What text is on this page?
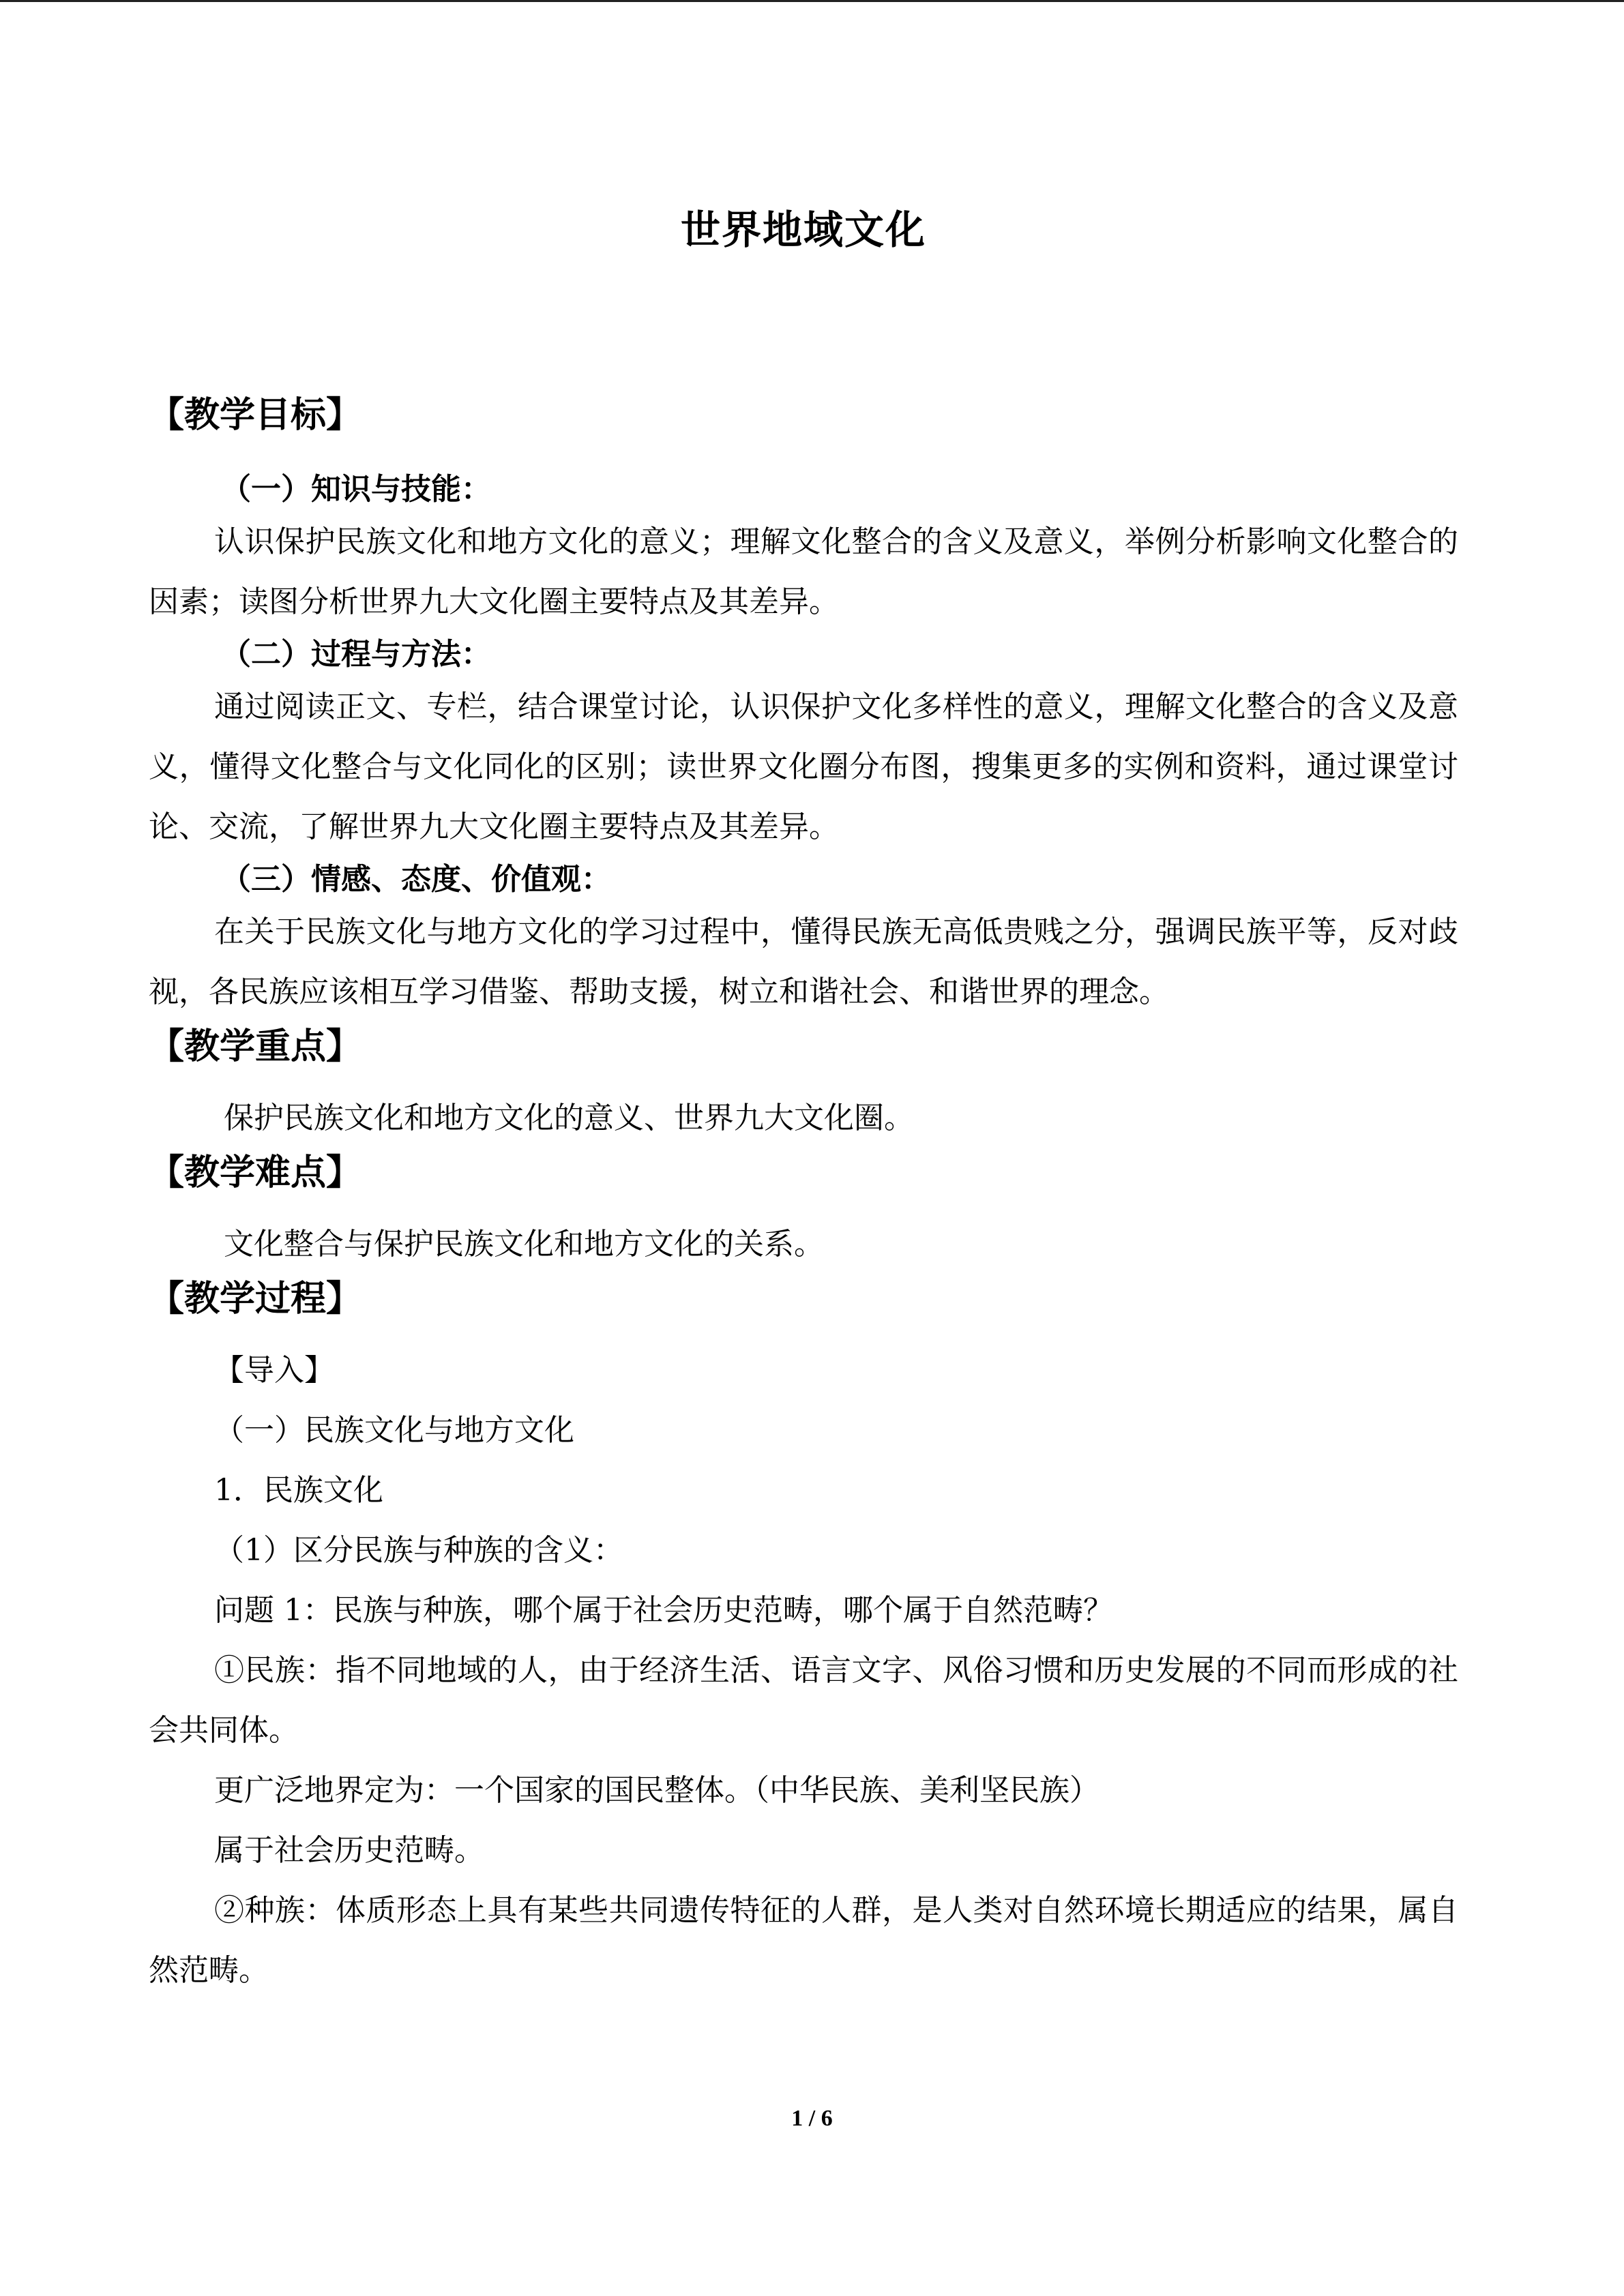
世界地域文化
【教学目标】
（一）知识与技能：

认识保护民族文化和地方文化的意义；理解文化整合的含义及意义，举例分析影响文化整合的因素；读图分析世界九大文化圈主要特点及其差异。

（二）过程与方法：

通过阅读正文、专栏，结合课堂讨论，认识保护文化多样性的意义，理解文化整合的含义及意义，懂得文化整合与文化同化的区别；读世界文化圈分布图，搜集更多的实例和资料，通过课堂讨论、交流，了解世界九大文化圈主要特点及其差异。

（三）情感、态度、价值观：

在关于民族文化与地方文化的学习过程中，懂得民族无高低贵贱之分，强调民族平等，反对歧视，各民族应该相互学习借鉴、帮助支援，树立和谐社会、和谐世界的理念。

【教学重点】

保护民族文化和地方文化的意义、世界九大文化圈。

【教学难点】

文化整合与保护民族文化和地方文化的关系。

【教学过程】

【导入】

（一）民族文化与地方文化

1．民族文化

（1）区分民族与种族的含义：

问题 1：民族与种族，哪个属于社会历史范畴，哪个属于自然范畴？

①民族：指不同地域的人，由于经济生活、语言文字、风俗习惯和历史发展的不同而形成的社会共同体。

更广泛地界定为：一个国家的国民整体。（中华民族、美利坚民族）

属于社会历史范畴。

②种族：体质形态上具有某些共同遗传特征的人群，是人类对自然环境长期适应的结果，属自然范畴。

1 / 6
